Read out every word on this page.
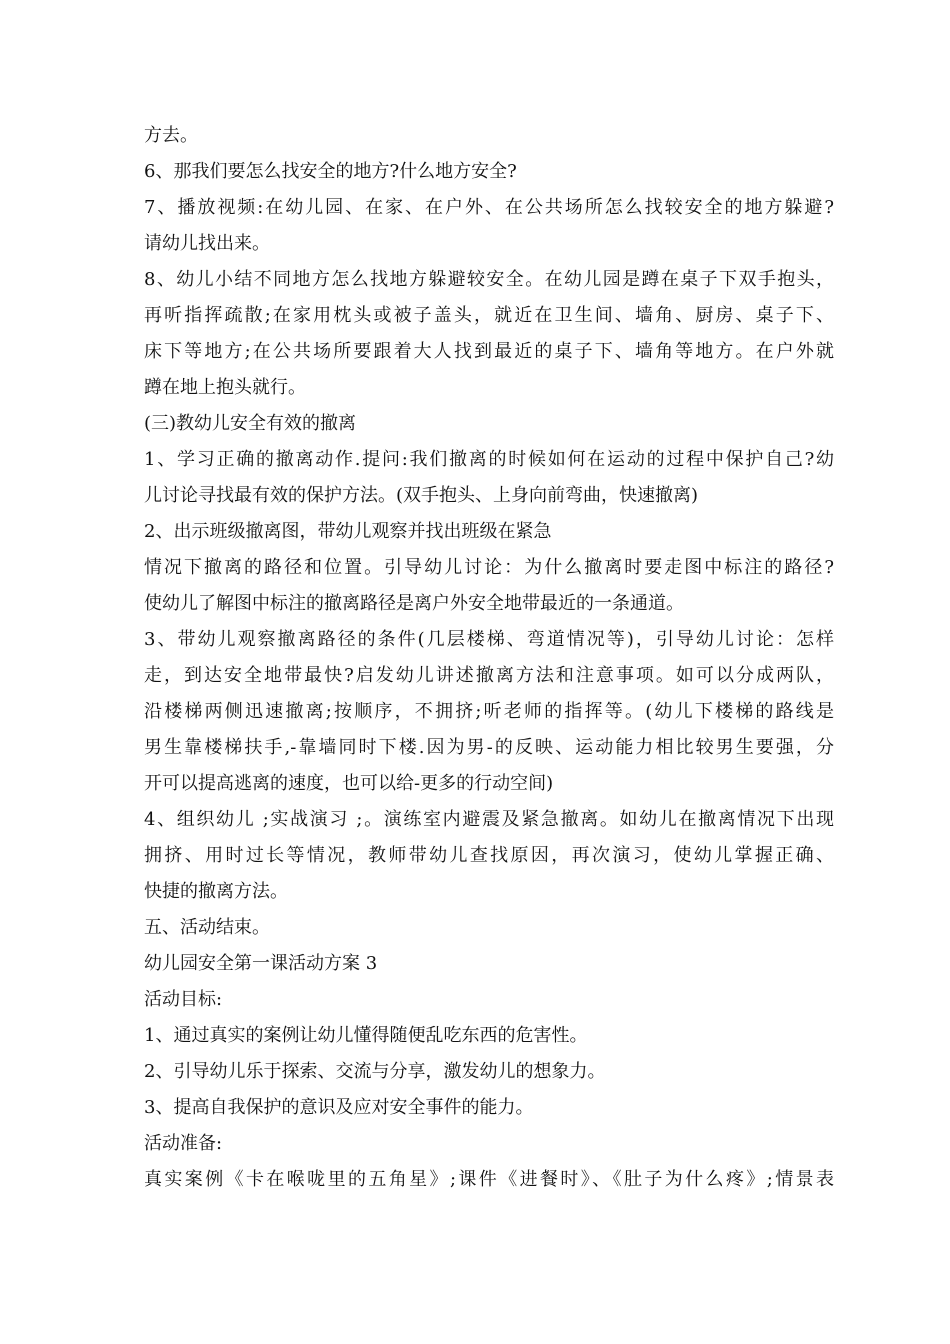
方去。
6、那我们要怎么找安全的地方?什么地方安全?
7、播放视频:在幼儿园、在家、在户外、在公共场所怎么找较安全的地方躲避?
请幼儿找出来。
8、幼儿小结不同地方怎么找地方躲避较安全。在幼儿园是蹲在桌子下双手抱头，
再听指挥疏散;在家用枕头或被子盖头，就近在卫生间、墙角、厨房、桌子下、
床下等地方;在公共场所要跟着大人找到最近的桌子下、墙角等地方。在户外就
蹲在地上抱头就行。
(三)教幼儿安全有效的撤离
1、学习正确的撤离动作.提问:我们撤离的时候如何在运动的过程中保护自己?幼
儿讨论寻找最有效的保护方法。(双手抱头、上身向前弯曲，快速撤离)
2、出示班级撤离图，带幼儿观察并找出班级在紧急
情况下撤离的路径和位置。引导幼儿讨论：为什么撤离时要走图中标注的路径?
使幼儿了解图中标注的撤离路径是离户外安全地带最近的一条通道。
3、带幼儿观察撤离路径的条件(几层楼梯、弯道情况等)，引导幼儿讨论：怎样
走，到达安全地带最快?启发幼儿讲述撤离方法和注意事项。如可以分成两队，
沿楼梯两侧迅速撤离;按顺序，不拥挤;听老师的指挥等。(幼儿下楼梯的路线是
男生靠楼梯扶手,-靠墙同时下楼.因为男-的反映、运动能力相比较男生要强，分
开可以提高逃离的速度，也可以给-更多的行动空间)
4、组织幼儿 ;实战演习 ;。演练室内避震及紧急撤离。如幼儿在撤离情况下出现
拥挤、用时过长等情况，教师带幼儿查找原因，再次演习，使幼儿掌握正确、
快捷的撤离方法。
五、活动结束。
幼儿园安全第一课活动方案 3
活动目标:
1、通过真实的案例让幼儿懂得随便乱吃东西的危害性。
2、引导幼儿乐于探索、交流与分享，激发幼儿的想象力。
3、提高自我保护的意识及应对安全事件的能力。
活动准备:
真实案例《卡在喉咙里的五角星》;课件《进餐时》、《肚子为什么疼》;情景表
